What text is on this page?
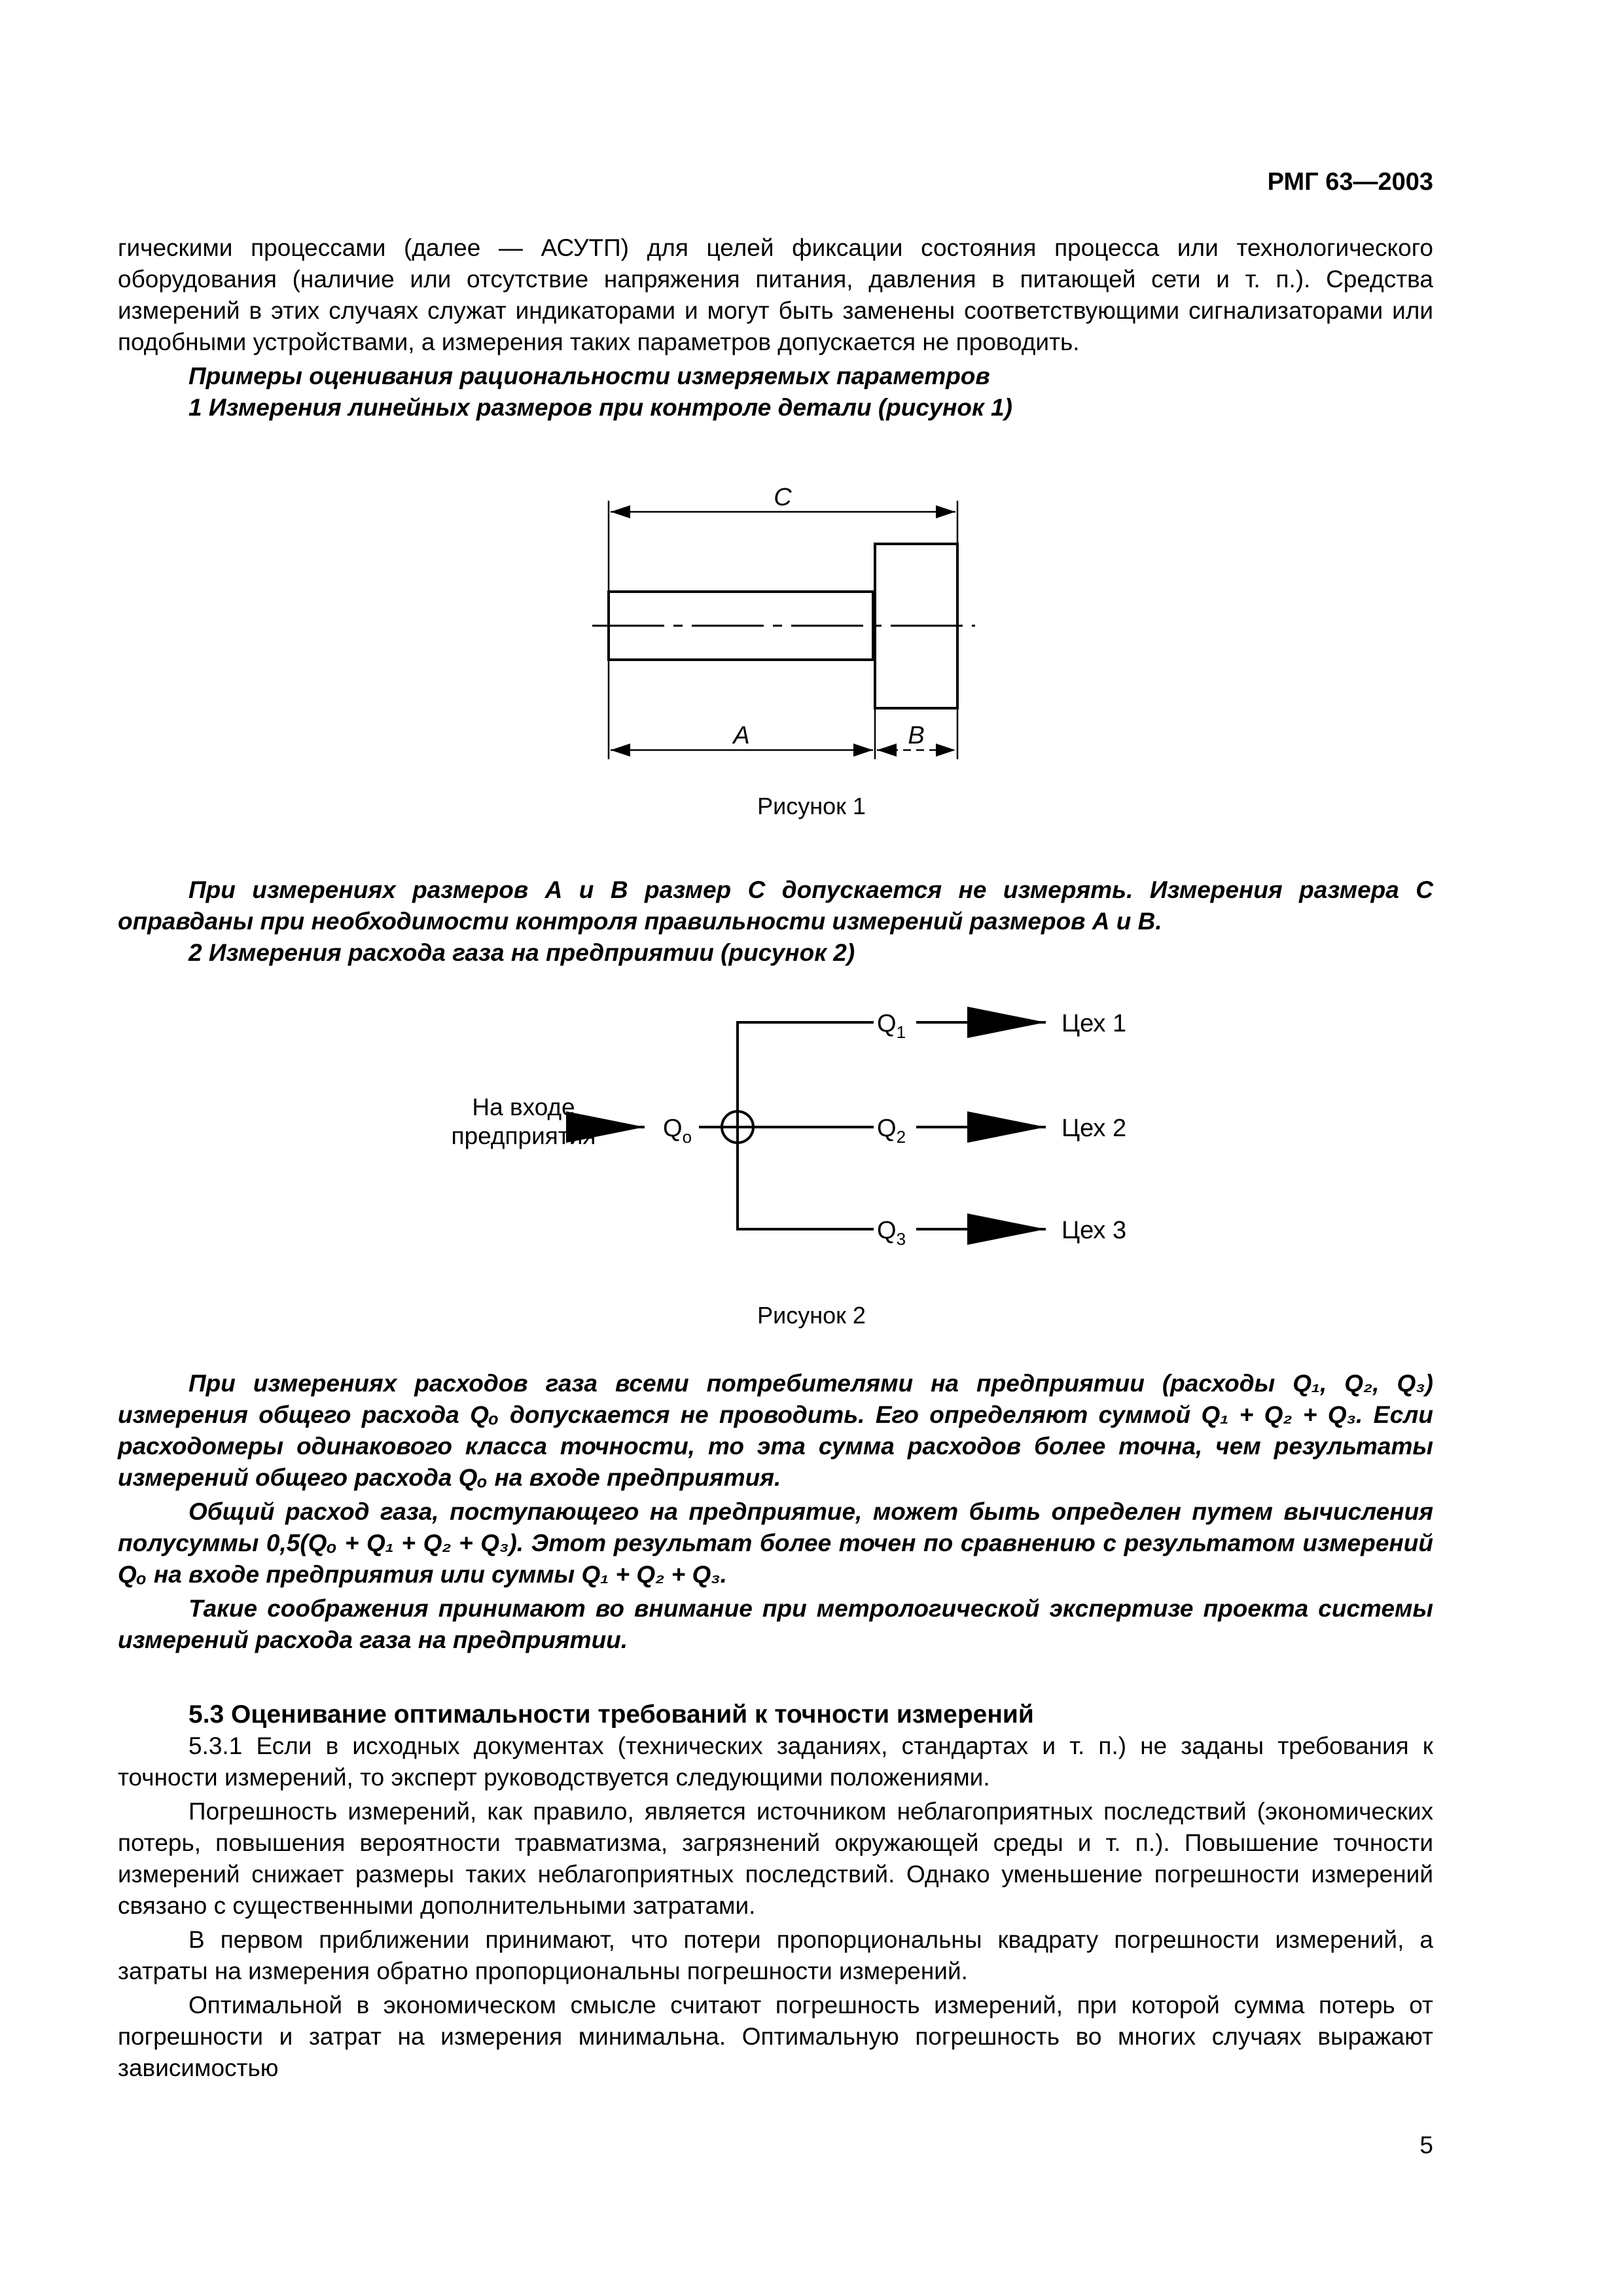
РМГ 63—2003

гическими процессами (далее — АСУТП) для целей фиксации состояния процесса или технологического оборудования (наличие или отсутствие напряжения питания, давления в питающей сети и т. п.). Средства измерений в этих случаях служат индикаторами и могут быть заменены соответствующими сигнализаторами или подобными устройствами, а измерения таких параметров допускается не проводить.

Примеры оценивания рациональности измеряемых параметров

1 Измерения линейных размеров при контроле детали (рисунок 1)

C
A	B
Рисунок 1

При измерениях размеров А и В размер С допускается не измерять. Измерения размера С оправданы при необходимости контроля правильности измерений размеров А и В.

2 Измерения расхода газа на предприятии (рисунок 2)

На входе
предприятия	$Q_о$
$Q_1$	Цех 1
$Q_2$	Цех 2
$Q_3$	Цех 3
Рисунок 2

При измерениях расходов газа всеми потребителями на предприятии (расходы Q₁, Q₂, Q₃) измерения общего расхода Qₒ допускается не проводить. Его определяют суммой Q₁ + Q₂ + Q₃. Если расходомеры одинакового класса точности, то эта сумма расходов более точна, чем результаты измерений общего расхода Qₒ на входе предприятия.

Общий расход газа, поступающего на предприятие, может быть определен путем вычисления полусуммы 0,5(Qₒ + Q₁ + Q₂ + Q₃). Этот результат более точен по сравнению с результатом измерений Qₒ на входе предприятия или суммы Q₁ + Q₂ + Q₃.

Такие соображения принимают во внимание при метрологической экспертизе проекта системы измерений расхода газа на предприятии.

5.3 Оценивание оптимальности требований к точности измерений

5.3.1 Если в исходных документах (технических заданиях, стандартах и т. п.) не заданы требования к точности измерений, то эксперт руководствуется следующими положениями.

Погрешность измерений, как правило, является источником неблагоприятных последствий (экономических потерь, повышения вероятности травматизма, загрязнений окружающей среды и т. п.). Повышение точности измерений снижает размеры таких неблагоприятных последствий. Однако уменьшение погрешности измерений связано с существенными дополнительными затратами.

В первом приближении принимают, что потери пропорциональны квадрату погрешности измерений, а затраты на измерения обратно пропорциональны погрешности измерений.

Оптимальной в экономическом смысле считают погрешность измерений, при которой сумма потерь от погрешности и затрат на измерения минимальна. Оптимальную погрешность во многих случаях выражают зависимостью

5
